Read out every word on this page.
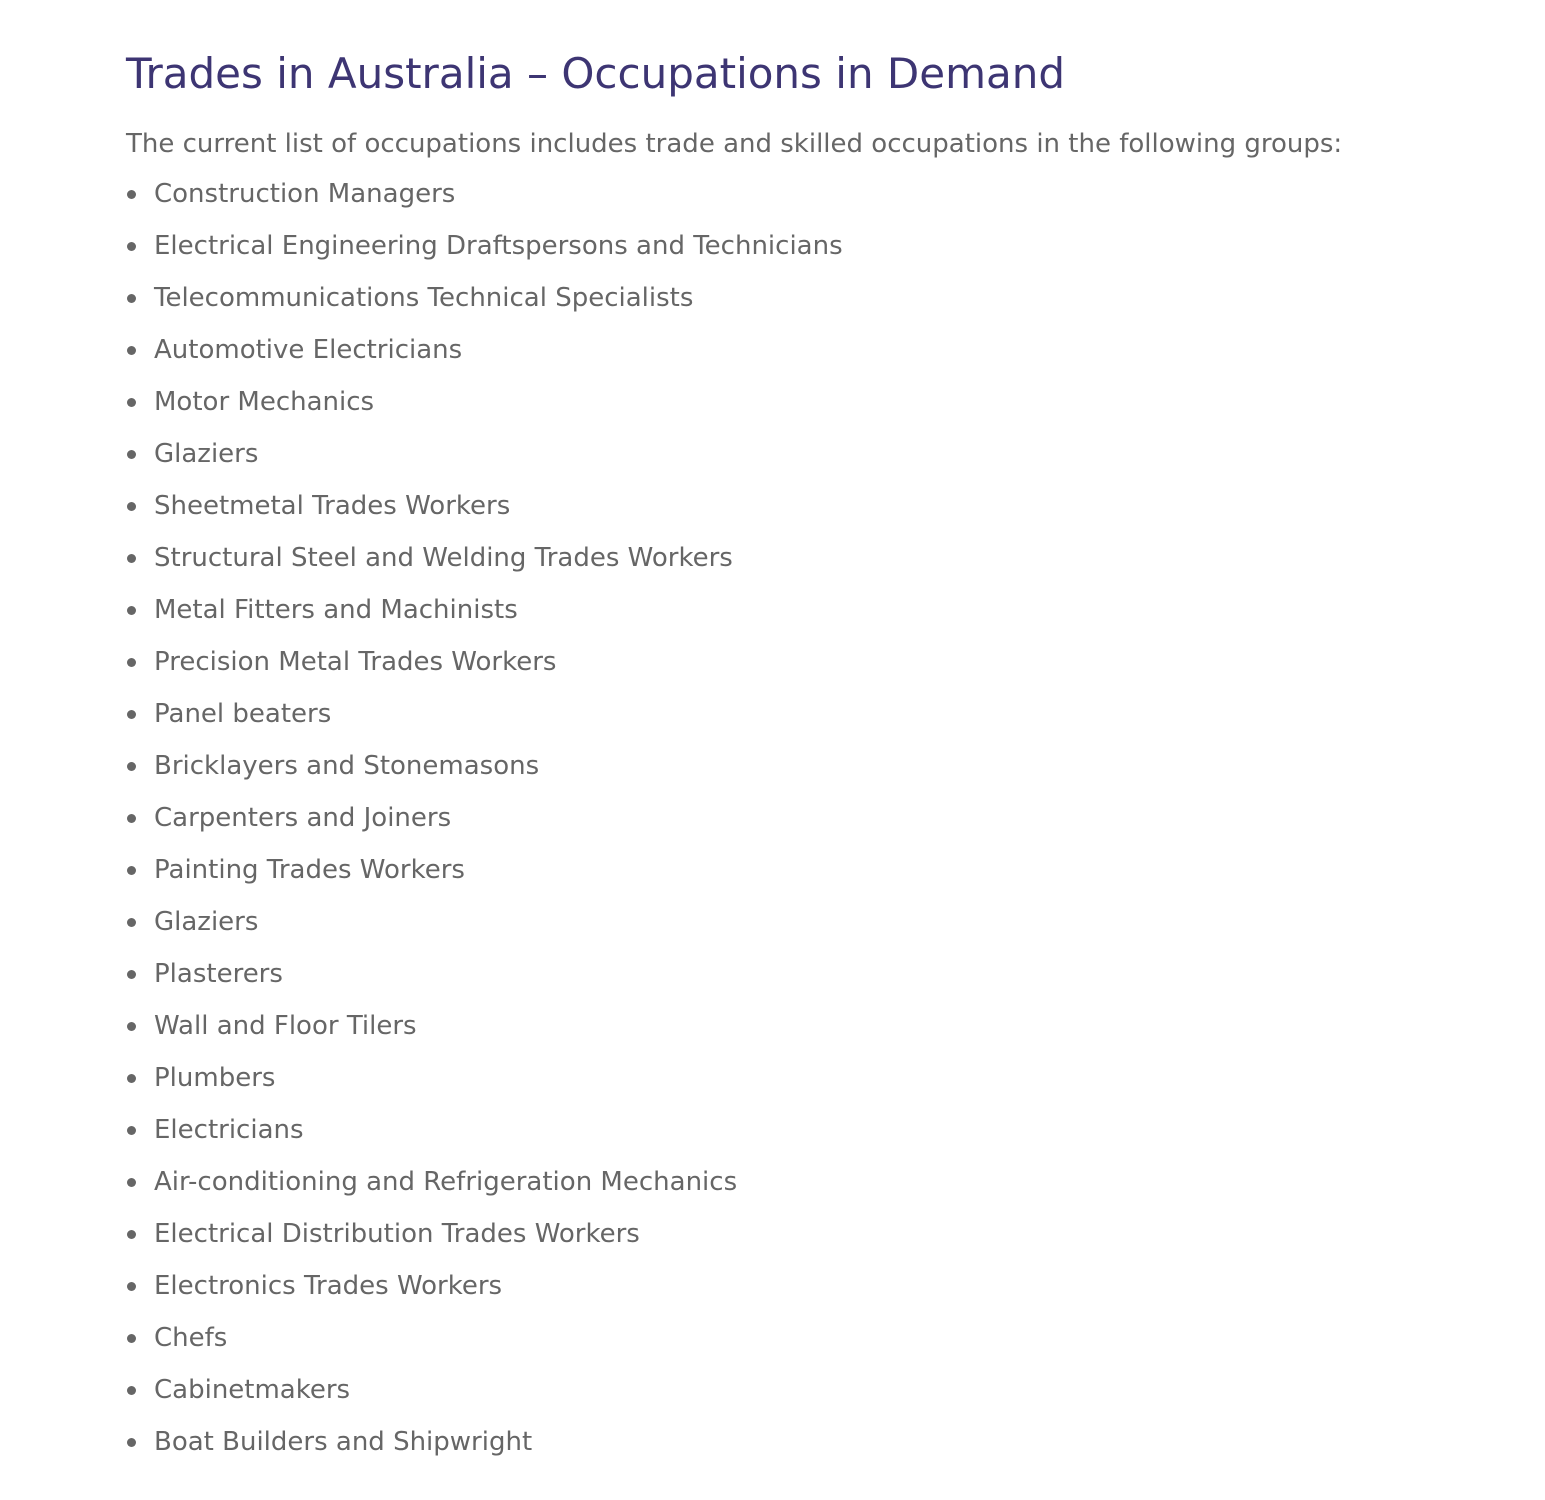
Trades in Australia – Occupations in Demand

The current list of occupations includes trade and skilled occupations in the following groups:

Construction Managers
Electrical Engineering Draftspersons and Technicians
Telecommunications Technical Specialists
Automotive Electricians
Motor Mechanics
Glaziers
Sheetmetal Trades Workers
Structural Steel and Welding Trades Workers
Metal Fitters and Machinists
Precision Metal Trades Workers
Panel beaters
Bricklayers and Stonemasons
Carpenters and Joiners
Painting Trades Workers
Glaziers
Plasterers
Wall and Floor Tilers
Plumbers
Electricians
Air-conditioning and Refrigeration Mechanics
Electrical Distribution Trades Workers
Electronics Trades Workers
Chefs
Cabinetmakers
Boat Builders and Shipwright
